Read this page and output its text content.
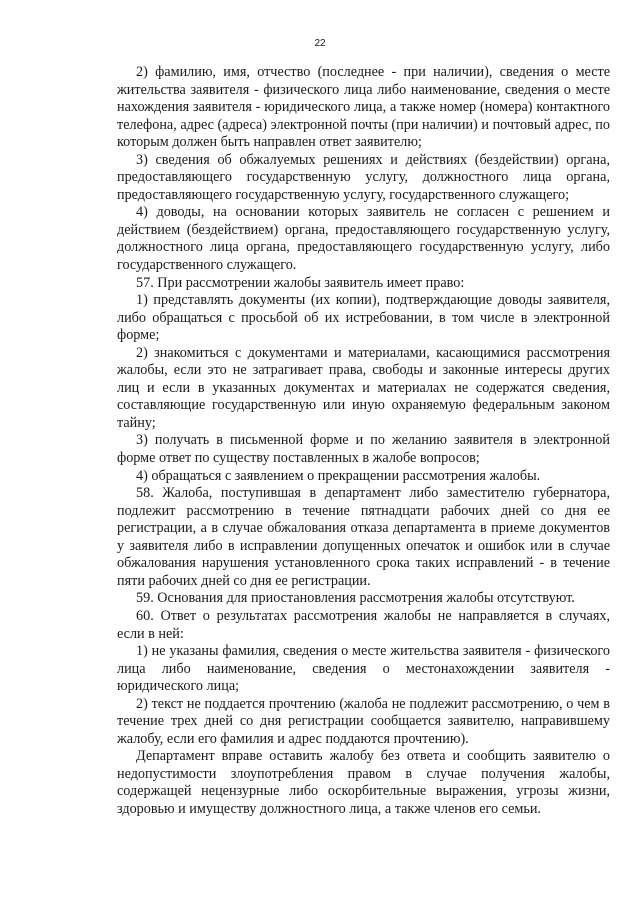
22

2) фамилию, имя, отчество (последнее - при наличии), сведения о месте жительства заявителя - физического лица либо наименование, сведения о месте нахождения заявителя - юридического лица, а также номер (номера) контактного телефона, адрес (адреса) электронной почты (при наличии) и почтовый адрес, по которым должен быть направлен ответ заявителю;

3) сведения об обжалуемых решениях и действиях (бездействии) органа, предоставляющего государственную услугу, должностного лица органа, предоставляющего государственную услугу, государственного служащего;

4) доводы, на основании которых заявитель не согласен с решением и действием (бездействием) органа, предоставляющего государственную услугу, должностного лица органа, предоставляющего государственную услугу, либо государственного служащего.

57. При рассмотрении жалобы заявитель имеет право:

1) представлять документы (их копии), подтверждающие доводы заявителя, либо обращаться с просьбой об их истребовании, в том числе в электронной форме;

2) знакомиться с документами и материалами, касающимися рассмотрения жалобы, если это не затрагивает права, свободы и законные интересы других лиц и если в указанных документах и материалах не содержатся сведения, составляющие государственную или иную охраняемую федеральным законом тайну;

3) получать в письменной форме и по желанию заявителя в электронной форме ответ по существу поставленных в жалобе вопросов;

4) обращаться с заявлением о прекращении рассмотрения жалобы.

58. Жалоба, поступившая в департамент либо заместителю губернатора, подлежит рассмотрению в течение пятнадцати рабочих дней со дня ее регистрации, а в случае обжалования отказа департамента в приеме документов у заявителя либо в исправлении допущенных опечаток и ошибок или в случае обжалования нарушения установленного срока таких исправлений - в течение пяти рабочих дней со дня ее регистрации.

59. Основания для приостановления рассмотрения жалобы отсутствуют.

60. Ответ о результатах рассмотрения жалобы не направляется в случаях, если в ней:

1) не указаны фамилия, сведения о месте жительства заявителя - физического лица либо наименование, сведения о местонахождении заявителя - юридического лица;

2) текст не поддается прочтению (жалоба не подлежит рассмотрению, о чем в течение трех дней со дня регистрации сообщается заявителю, направившему жалобу, если его фамилия и адрес поддаются прочтению).

Департамент вправе оставить жалобу без ответа и сообщить заявителю о недопустимости злоупотребления правом в случае получения жалобы, содержащей нецензурные либо оскорбительные выражения, угрозы жизни, здоровью и имуществу должностного лица, а также членов его семьи.
